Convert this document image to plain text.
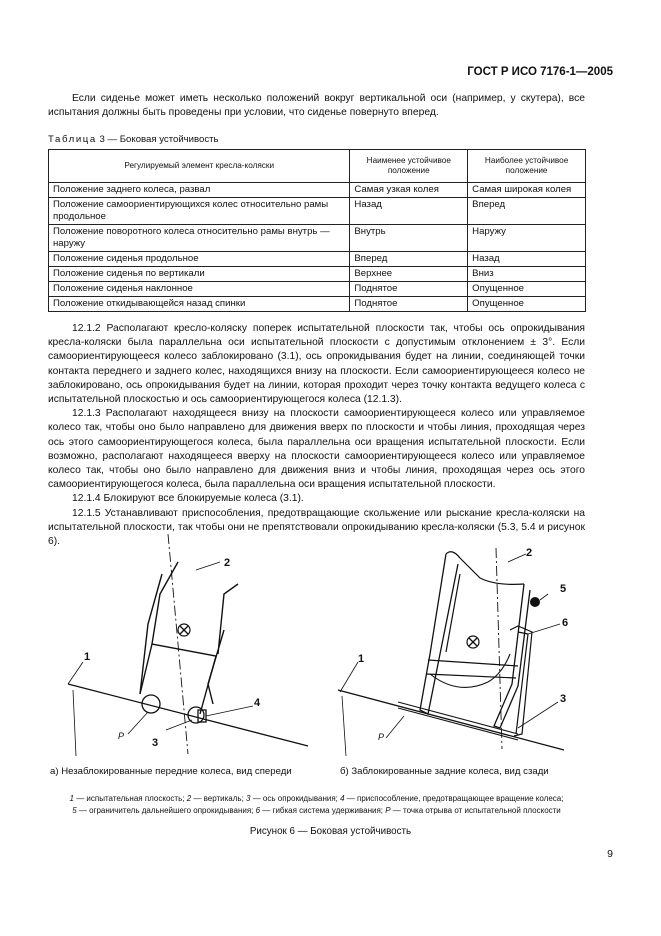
ГОСТ Р ИСО 7176-1—2005

Если сиденье может иметь несколько положений вокруг вертикальной оси (например, у скутера), все испытания должны быть проведены при условии, что сиденье повернуто вперед.

Таблица 3 — Боковая устойчивость
Регулируемый элемент кресла-коляски	Наименее устойчивое положение	Наиболее устойчивое положение
Положение заднего колеса, развал	Самая узкая колея	Самая широкая колея
Положение самоориентирующихся колес относительно рамы продольное	Назад	Вперед
Положение поворотного колеса относительно рамы внутрь — наружу	Внутрь	Наружу
Положение сиденья продольное	Вперед	Назад
Положение сиденья по вертикали	Верхнее	Вниз
Положение сиденья наклонное	Поднятое	Опущенное
Положение откидывающейся назад спинки	Поднятое	Опущенное

12.1.2 Располагают кресло-коляску поперек испытательной плоскости так, чтобы ось опрокидывания кресла-коляски была параллельна оси испытательной плоскости с допустимым отклонением ± 3°. Если самоориентирующееся колесо заблокировано (3.1), ось опрокидывания будет на линии, соединяющей точки контакта переднего и заднего колес, находящихся внизу на плоскости. Если самоориентирующееся колесо не заблокировано, ось опрокидывания будет на линии, которая проходит через точку контакта ведущего колеса с испытательной плоскостью и ось самоориентирующегося колеса (12.1.3).

12.1.3 Располагают находящееся внизу на плоскости самоориентирующееся колесо или управляемое колесо так, чтобы оно было направлено для движения вверх по плоскости и чтобы линия, проходящая через ось этого самоориентирующегося колеса, была параллельна оси вращения испытательной плоскости. Если возможно, располагают находящееся вверху на плоскости самоориентирующееся колесо или управляемое колесо так, чтобы оно было направлено для движения вниз и чтобы линия, проходящая через ось этого самоориентирующегося колеса, была параллельна оси вращения испытательной плоскости.

12.1.4 Блокируют все блокируемые колеса (3.1).

12.1.5 Устанавливают приспособления, предотвращающие скольжение или рыскание кресла-коляски на испытательной плоскости, так чтобы они не препятствовали опрокидыванию кресла-коляски (5.3, 5.4 и рисунок 6).

1
2
3
4
P
1
2
3
5
6
P
а) Незаблокированные передние колеса, вид спереди	б) Заблокированные задние колеса, вид сзади
1 — испытательная плоскость; 2 — вертикаль; 3 — ось опрокидывания; 4 — приспособление, предотвращающее вращение колеса;
5 — ограничитель дальнейшего опрокидывания; 6 — гибкая система удерживания; P — точка отрыва от испытательной плоскости
Рисунок 6 — Боковая устойчивость
9
